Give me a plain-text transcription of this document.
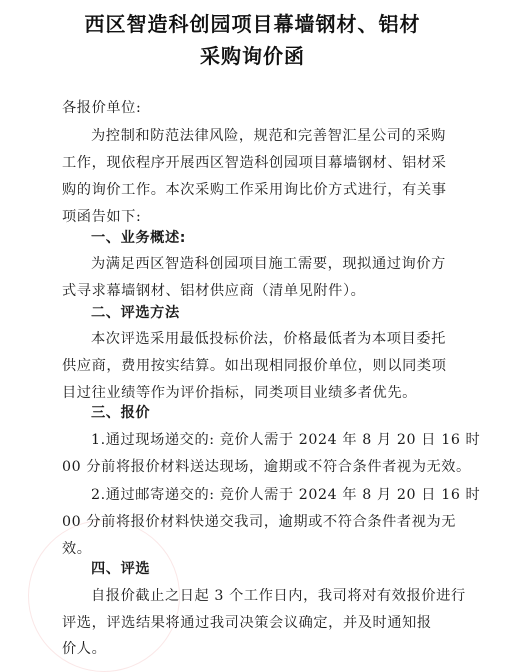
西区智造科创园项目幕墙钢材、铝材
采购询价函
各报价单位:
为控制和防范法律风险，规范和完善智汇星公司的采购
工作，现依程序开展西区智造科创园项目幕墙钢材、铝材采
购的询价工作。本次采购工作采用询比价方式进行，有关事
项函告如下:
一、业务概述:
为满足西区智造科创园项目施工需要，现拟通过询价方
式寻求幕墙钢材、铝材供应商（清单见附件）。
二、评选方法
本次评选采用最低投标价法，价格最低者为本项目委托
供应商，费用按实结算。如出现相同报价单位，则以同类项
目过往业绩等作为评价指标，同类项目业绩多者优先。
三、报价
1.通过现场递交的: 竞价人需于 2024 年 8 月 20 日 16 时
00 分前将报价材料送达现场，逾期或不符合条件者视为无效。
2.通过邮寄递交的: 竞价人需于 2024 年 8 月 20 日 16 时
00 分前将报价材料快递交我司，逾期或不符合条件者视为无
效。
四、评选
自报价截止之日起 3 个工作日内，我司将对有效报价进行
评选，评选结果将通过我司决策会议确定，并及时通知报
价人。
